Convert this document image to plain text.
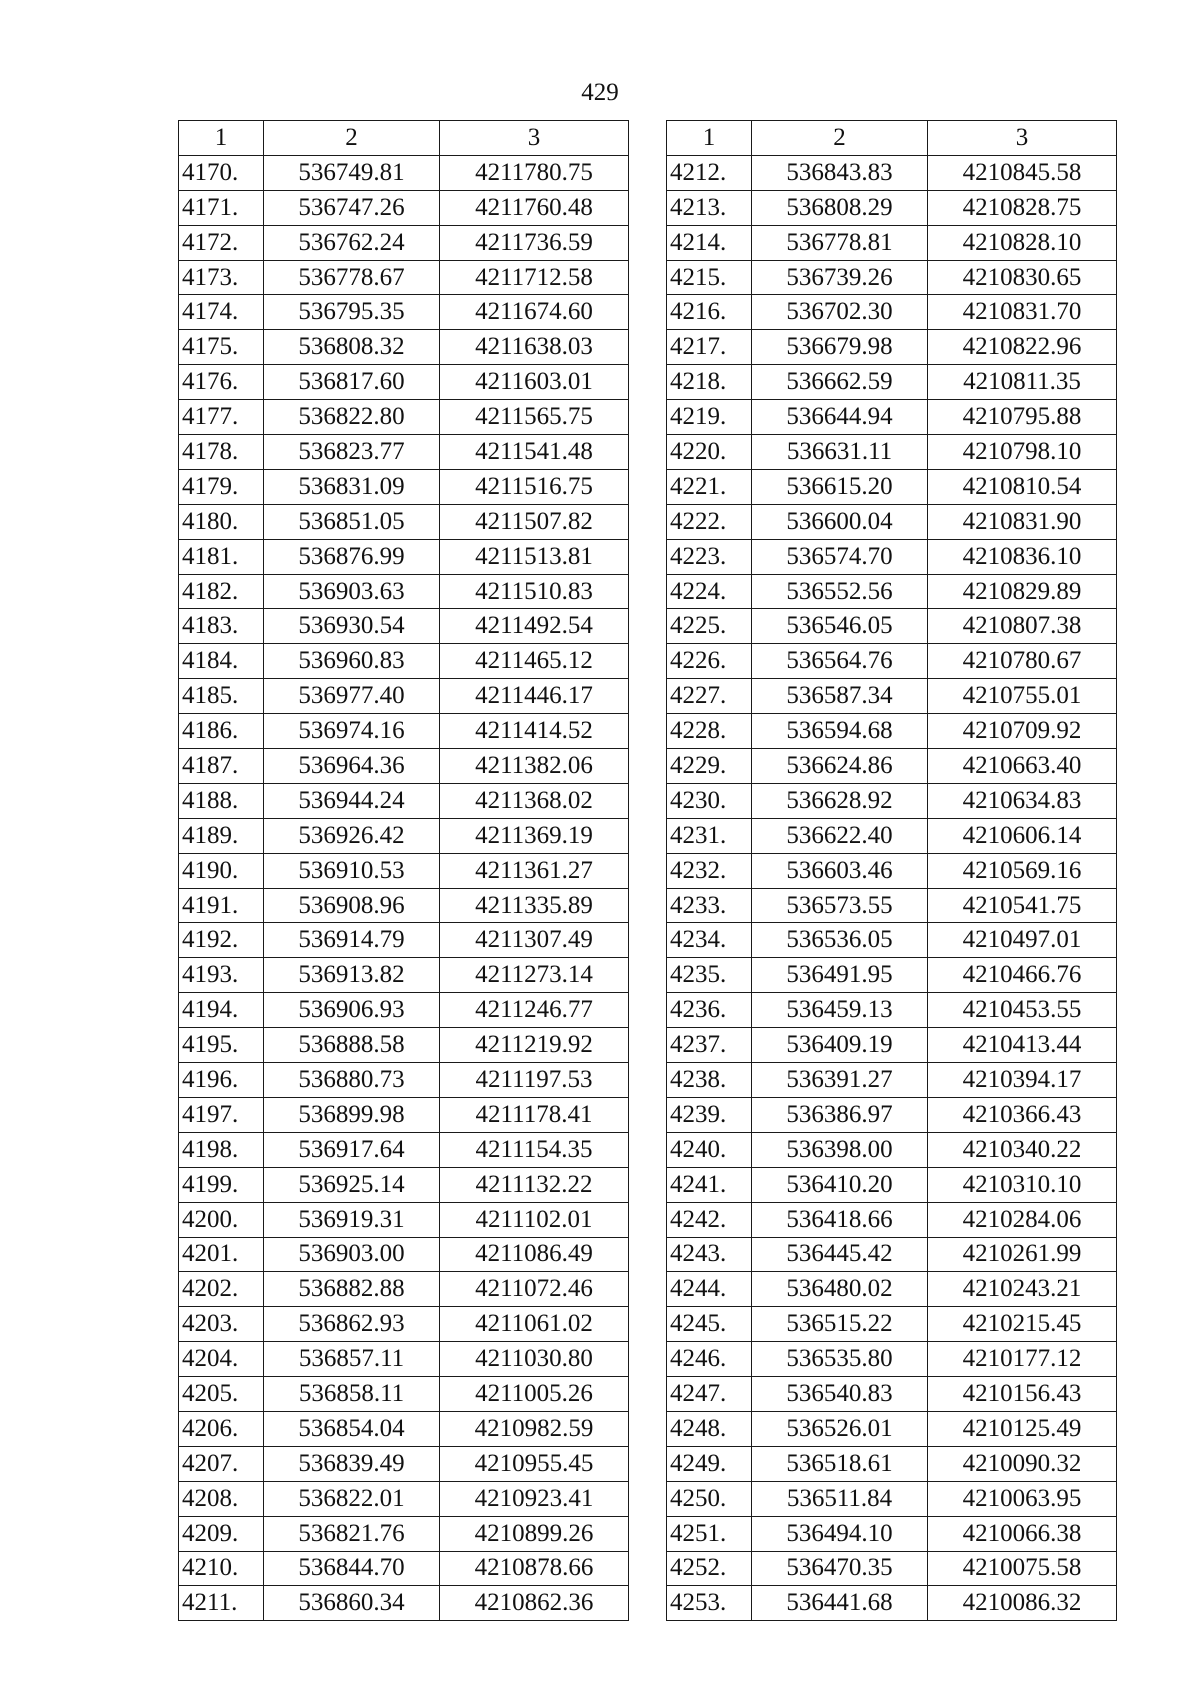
429
1	2	3
4170.	536749.81	4211780.75
4171.	536747.26	4211760.48
4172.	536762.24	4211736.59
4173.	536778.67	4211712.58
4174.	536795.35	4211674.60
4175.	536808.32	4211638.03
4176.	536817.60	4211603.01
4177.	536822.80	4211565.75
4178.	536823.77	4211541.48
4179.	536831.09	4211516.75
4180.	536851.05	4211507.82
4181.	536876.99	4211513.81
4182.	536903.63	4211510.83
4183.	536930.54	4211492.54
4184.	536960.83	4211465.12
4185.	536977.40	4211446.17
4186.	536974.16	4211414.52
4187.	536964.36	4211382.06
4188.	536944.24	4211368.02
4189.	536926.42	4211369.19
4190.	536910.53	4211361.27
4191.	536908.96	4211335.89
4192.	536914.79	4211307.49
4193.	536913.82	4211273.14
4194.	536906.93	4211246.77
4195.	536888.58	4211219.92
4196.	536880.73	4211197.53
4197.	536899.98	4211178.41
4198.	536917.64	4211154.35
4199.	536925.14	4211132.22
4200.	536919.31	4211102.01
4201.	536903.00	4211086.49
4202.	536882.88	4211072.46
4203.	536862.93	4211061.02
4204.	536857.11	4211030.80
4205.	536858.11	4211005.26
4206.	536854.04	4210982.59
4207.	536839.49	4210955.45
4208.	536822.01	4210923.41
4209.	536821.76	4210899.26
4210.	536844.70	4210878.66
4211.	536860.34	4210862.36
1	2	3
4212.	536843.83	4210845.58
4213.	536808.29	4210828.75
4214.	536778.81	4210828.10
4215.	536739.26	4210830.65
4216.	536702.30	4210831.70
4217.	536679.98	4210822.96
4218.	536662.59	4210811.35
4219.	536644.94	4210795.88
4220.	536631.11	4210798.10
4221.	536615.20	4210810.54
4222.	536600.04	4210831.90
4223.	536574.70	4210836.10
4224.	536552.56	4210829.89
4225.	536546.05	4210807.38
4226.	536564.76	4210780.67
4227.	536587.34	4210755.01
4228.	536594.68	4210709.92
4229.	536624.86	4210663.40
4230.	536628.92	4210634.83
4231.	536622.40	4210606.14
4232.	536603.46	4210569.16
4233.	536573.55	4210541.75
4234.	536536.05	4210497.01
4235.	536491.95	4210466.76
4236.	536459.13	4210453.55
4237.	536409.19	4210413.44
4238.	536391.27	4210394.17
4239.	536386.97	4210366.43
4240.	536398.00	4210340.22
4241.	536410.20	4210310.10
4242.	536418.66	4210284.06
4243.	536445.42	4210261.99
4244.	536480.02	4210243.21
4245.	536515.22	4210215.45
4246.	536535.80	4210177.12
4247.	536540.83	4210156.43
4248.	536526.01	4210125.49
4249.	536518.61	4210090.32
4250.	536511.84	4210063.95
4251.	536494.10	4210066.38
4252.	536470.35	4210075.58
4253.	536441.68	4210086.32
